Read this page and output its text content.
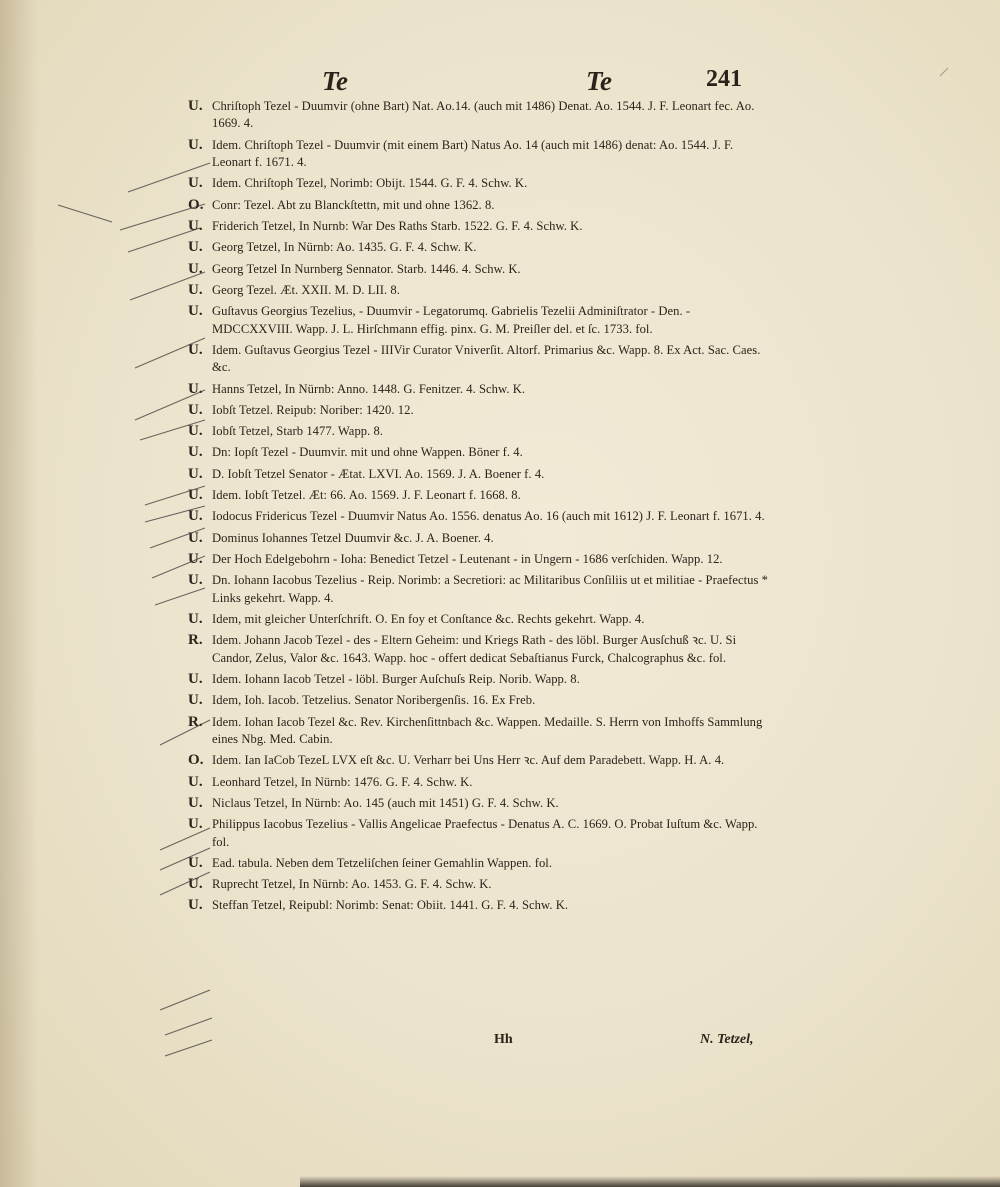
Te	Te	241
U. Chriſtoph Tezel - Duumvir (ohne Bart) Nat. Ao.14. (auch mit 1486) Denat. Ao. 1544. J. F. Leonart fec. Ao. 1669. 4.
U. Idem. Chriſtoph Tezel - Duumvir (mit einem Bart) Natus Ao. 14 (auch mit 1486) denat: Ao. 1544. J. F. Leonart f. 1671. 4.
U. Idem. Chriſtoph Tezel, Norimb: Obijt. 1544. G. F. 4. Schw. K.
O. Conr: Tezel. Abt zu Blanckſtettn, mit und ohne 1362. 8.
U. Friderich Tetzel, In Nurnb: War Des Raths Starb. 1522. G. F. 4. Schw. K.
U. Georg Tetzel, In Nürnb: Ao. 1435. G. F. 4. Schw. K.
U. Georg Tetzel In Nurnberg Sennator. Starb. 1446. 4. Schw. K.
U. Georg Tezel. Æt. XXII. M. D. LII. 8.
U. Guſtavus Georgius Tezelius, - Duumvir - Legatorumq. Gabrielis Tezelii Adminiſtrator - Den. - MDCCXXVIII. Wapp. J. L. Hirſchmann effig. pinx. G. M. Preiſler del. et ſc. 1733. fol.
U. Idem. Guſtavus Georgius Tezel - IIIVir Curator Vniverſit. Altorf. Primarius &c. Wapp. 8. Ex Act. Sac. Caes. &c.
U. Hanns Tetzel, In Nürnb: Anno. 1448. G. Fenitzer. 4. Schw. K.
U. Iobſt Tetzel. Reipub: Noriber: 1420. 12.
U. Iobſt Tetzel, Starb 1477. Wapp. 8.
U. Dn: Iopſt Tezel - Duumvir. mit und ohne Wappen. Böner f. 4.
U. D. Iobſt Tetzel Senator - Ætat. LXVI. Ao. 1569. J. A. Boener f. 4.
U. Idem. Iobſt Tetzel. Æt: 66. Ao. 1569. J. F. Leonart f. 1668. 8.
U. Iodocus Fridericus Tezel - Duumvir Natus Ao. 1556. denatus Ao. 16 (auch mit 1612) J. F. Leonart f. 1671. 4.
U. Dominus Iohannes Tetzel Duumvir &c. J. A. Boener. 4.
U. Der Hoch Edelgebohrn - Ioha: Benedict Tetzel - Leutenant - in Ungern - 1686 verſchiden. Wapp. 12.
U. Dn. Iohann Iacobus Tezelius - Reip. Norimb: a Secretiori: ac Militaribus Conſiliis ut et militiae - Praefectus * Links gekehrt. Wapp. 4.
U. Idem, mit gleicher Unterſchrift. O. En foy et Conſtance &c. Rechts gekehrt. Wapp. 4.
R. Idem. Johann Jacob Tezel - des - Eltern Geheim: und Kriegs Rath - des löbl. Burger Ausſchuß ꝛc. U. Si Candor, Zelus, Valor &c. 1643. Wapp. hoc - offert dedicat Sebaſtianus Furck, Chalcographus &c. fol.
U. Idem. Iohann Iacob Tetzel - löbl. Burger Auſchuſs Reip. Norib. Wapp. 8.
U. Idem, Ioh. Iacob. Tetzelius. Senator Noribergenſis. 16. Ex Freb.
R. Idem. Iohan Iacob Tezel &c. Rev. Kirchenſittnbach &c. Wappen. Medaille. S. Herrn von Imhoffs Sammlung eines Nbg. Med. Cabin.
O. Idem. Ian IaCob TezeL LVX eſt &c. U. Verharr bei Uns Herr ꝛc. Auf dem Paradebett. Wapp. H. A. 4.
U. Leonhard Tetzel, In Nürnb: 1476. G. F. 4. Schw. K.
U. Niclaus Tetzel, In Nürnb: Ao. 145 (auch mit 1451) G. F. 4. Schw. K.
U. Philippus Iacobus Tezelius - Vallis Angelicae Praefectus - Denatus A. C. 1669. O. Probat Iuſtum &c. Wapp. fol.
U. Ead. tabula. Neben dem Tetzeliſchen ſeiner Gemahlin Wappen. fol.
U. Ruprecht Tetzel, In Nürnb: Ao. 1453. G. F. 4. Schw. K.
U. Steffan Tetzel, Reipubl: Norimb: Senat: Obiit. 1441. G. F. 4. Schw. K.
Hh	N. Tetzel,
